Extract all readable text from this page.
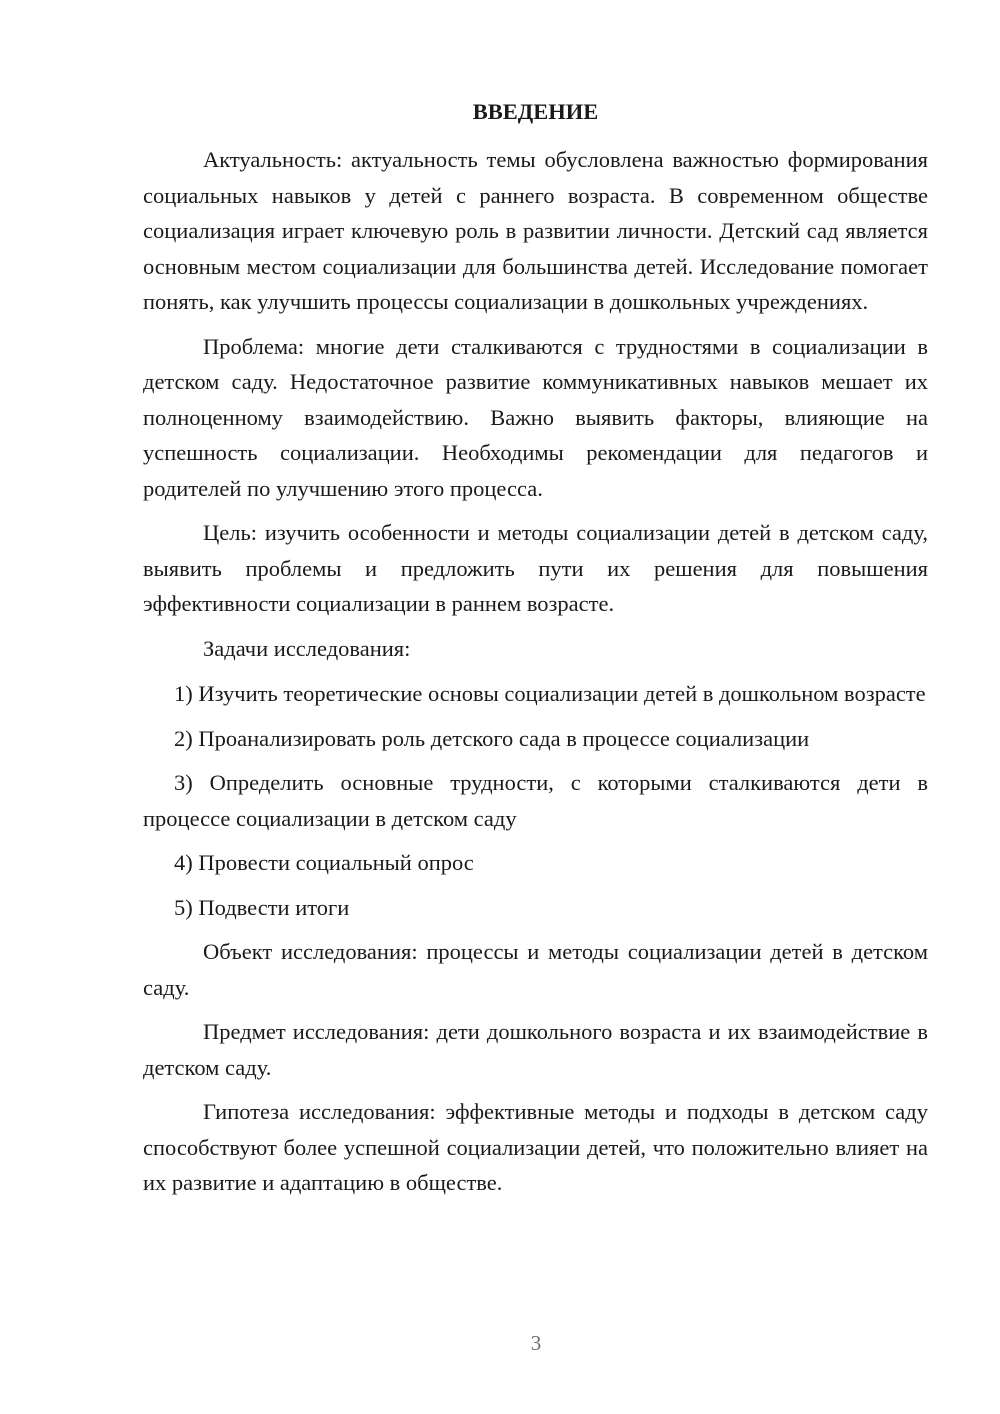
ВВЕДЕНИЕ

Актуальность: актуальность темы обусловлена важностью формирования социальных навыков у детей с раннего возраста. В современном обществе социализация играет ключевую роль в развитии личности. Детский сад является основным местом социализации для большинства детей. Исследование помогает понять, как улучшить процессы социализации в дошкольных учреждениях.

Проблема: многие дети сталкиваются с трудностями в социализации в детском саду. Недостаточное развитие коммуникативных навыков мешает их полноценному взаимодействию. Важно выявить факторы, влияющие на успешность социализации. Необходимы рекомендации для педагогов и родителей по улучшению этого процесса.

Цель: изучить особенности и методы социализации детей в детском саду, выявить проблемы и предложить пути их решения для повышения эффективности социализации в раннем возрасте.

Задачи исследования:

1) Изучить теоретические основы социализации детей в дошкольном возрасте
2) Проанализировать роль детского сада в процессе социализации
3) Определить основные трудности, с которыми сталкиваются дети в процессе социализации в детском саду
4) Провести социальный опрос
5) Подвести итоги

Объект исследования: процессы и методы социализации детей в детском саду.

Предмет исследования: дети дошкольного возраста и их взаимодействие в детском саду.

Гипотеза исследования: эффективные методы и подходы в детском саду способствуют более успешной социализации детей, что положительно влияет на их развитие и адаптацию в обществе.

3
